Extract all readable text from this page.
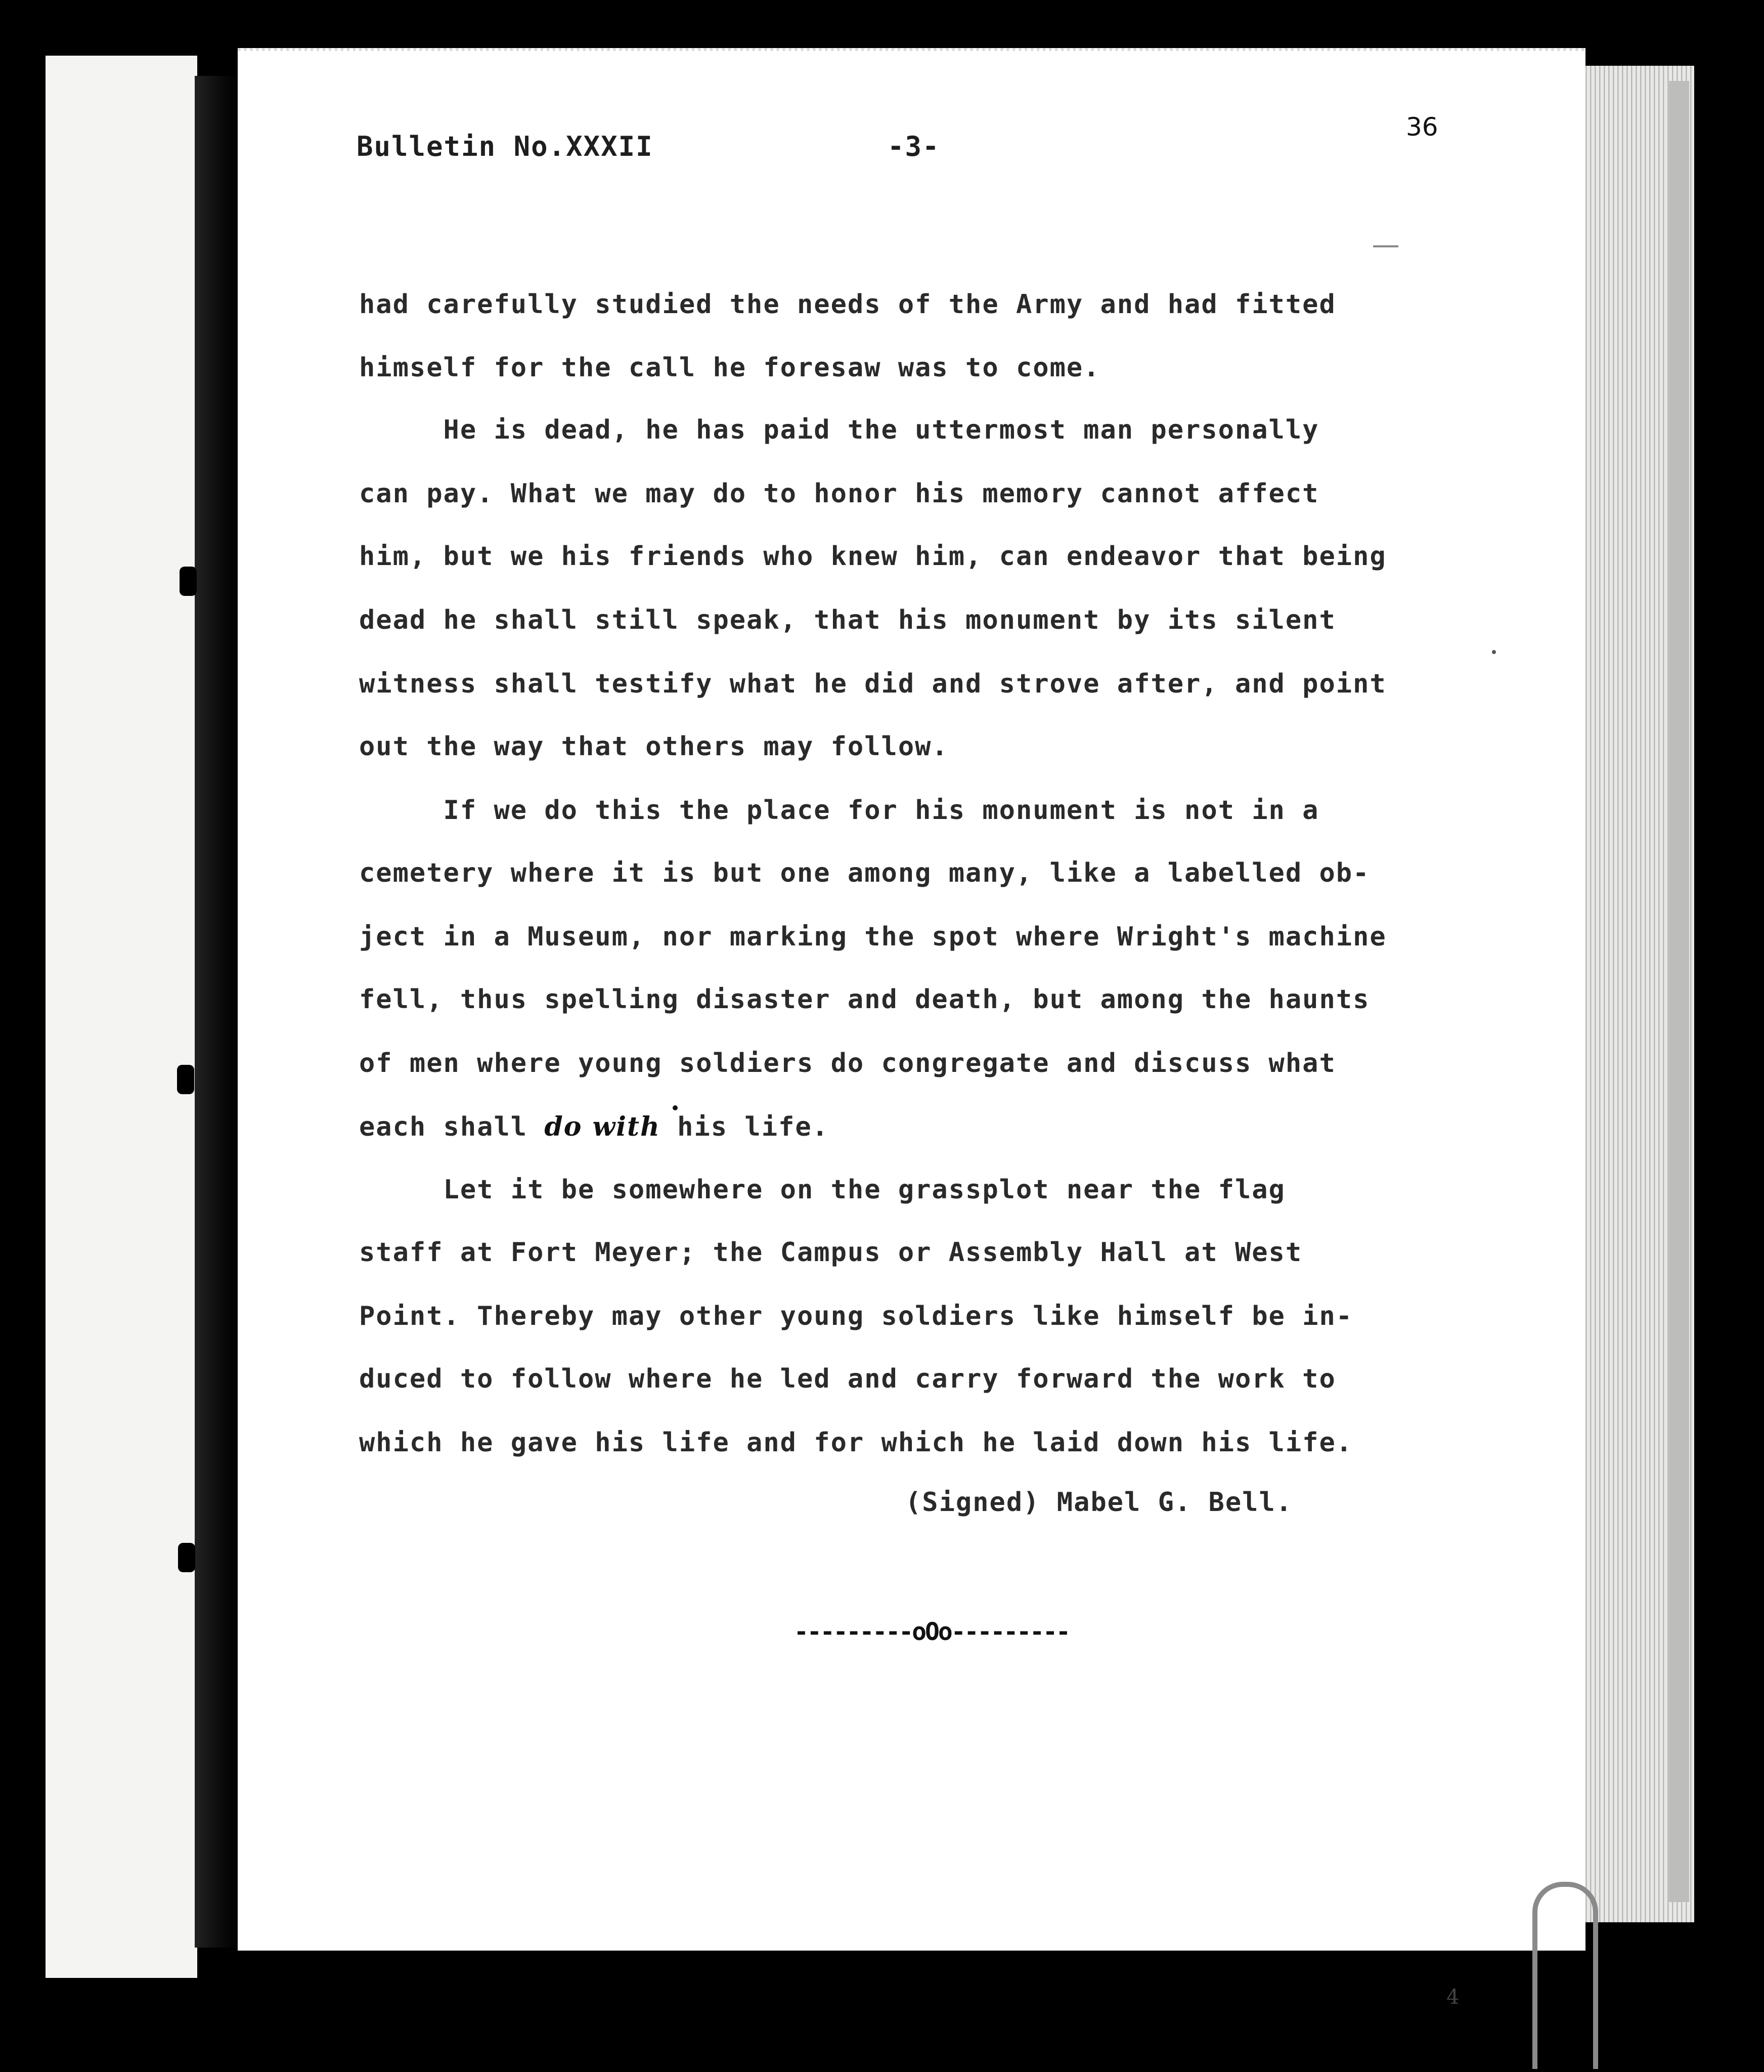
Bulletin No.XXXII	-3-
36
had carefully studied the needs of the Army and had fitted
himself for the call he foresaw was to come.
He is dead, he has paid the uttermost man personally
can pay. What we may do to honor his memory cannot affect
him, but we his friends who knew him, can endeavor that being
dead he shall still speak, that his monument by its silent
witness shall testify what he did and strove after, and point
out the way that others may follow.
If we do this the place for his monument is not in a
cemetery where it is but one among many, like a labelled ob-
ject in a Museum, nor marking the spot where Wright's machine
fell, thus spelling disaster and death, but among the haunts
of men where young soldiers do congregate and discuss what
each shall do with his life.
Let it be somewhere on the grassplot near the flag
staff at Fort Meyer; the Campus or Assembly Hall at West
Point. Thereby may other young soldiers like himself be in-
duced to follow where he led and carry forward the work to
which he gave his life and for which he laid down his life.
(Signed) Mabel G. Bell.
---------oOo---------
4
